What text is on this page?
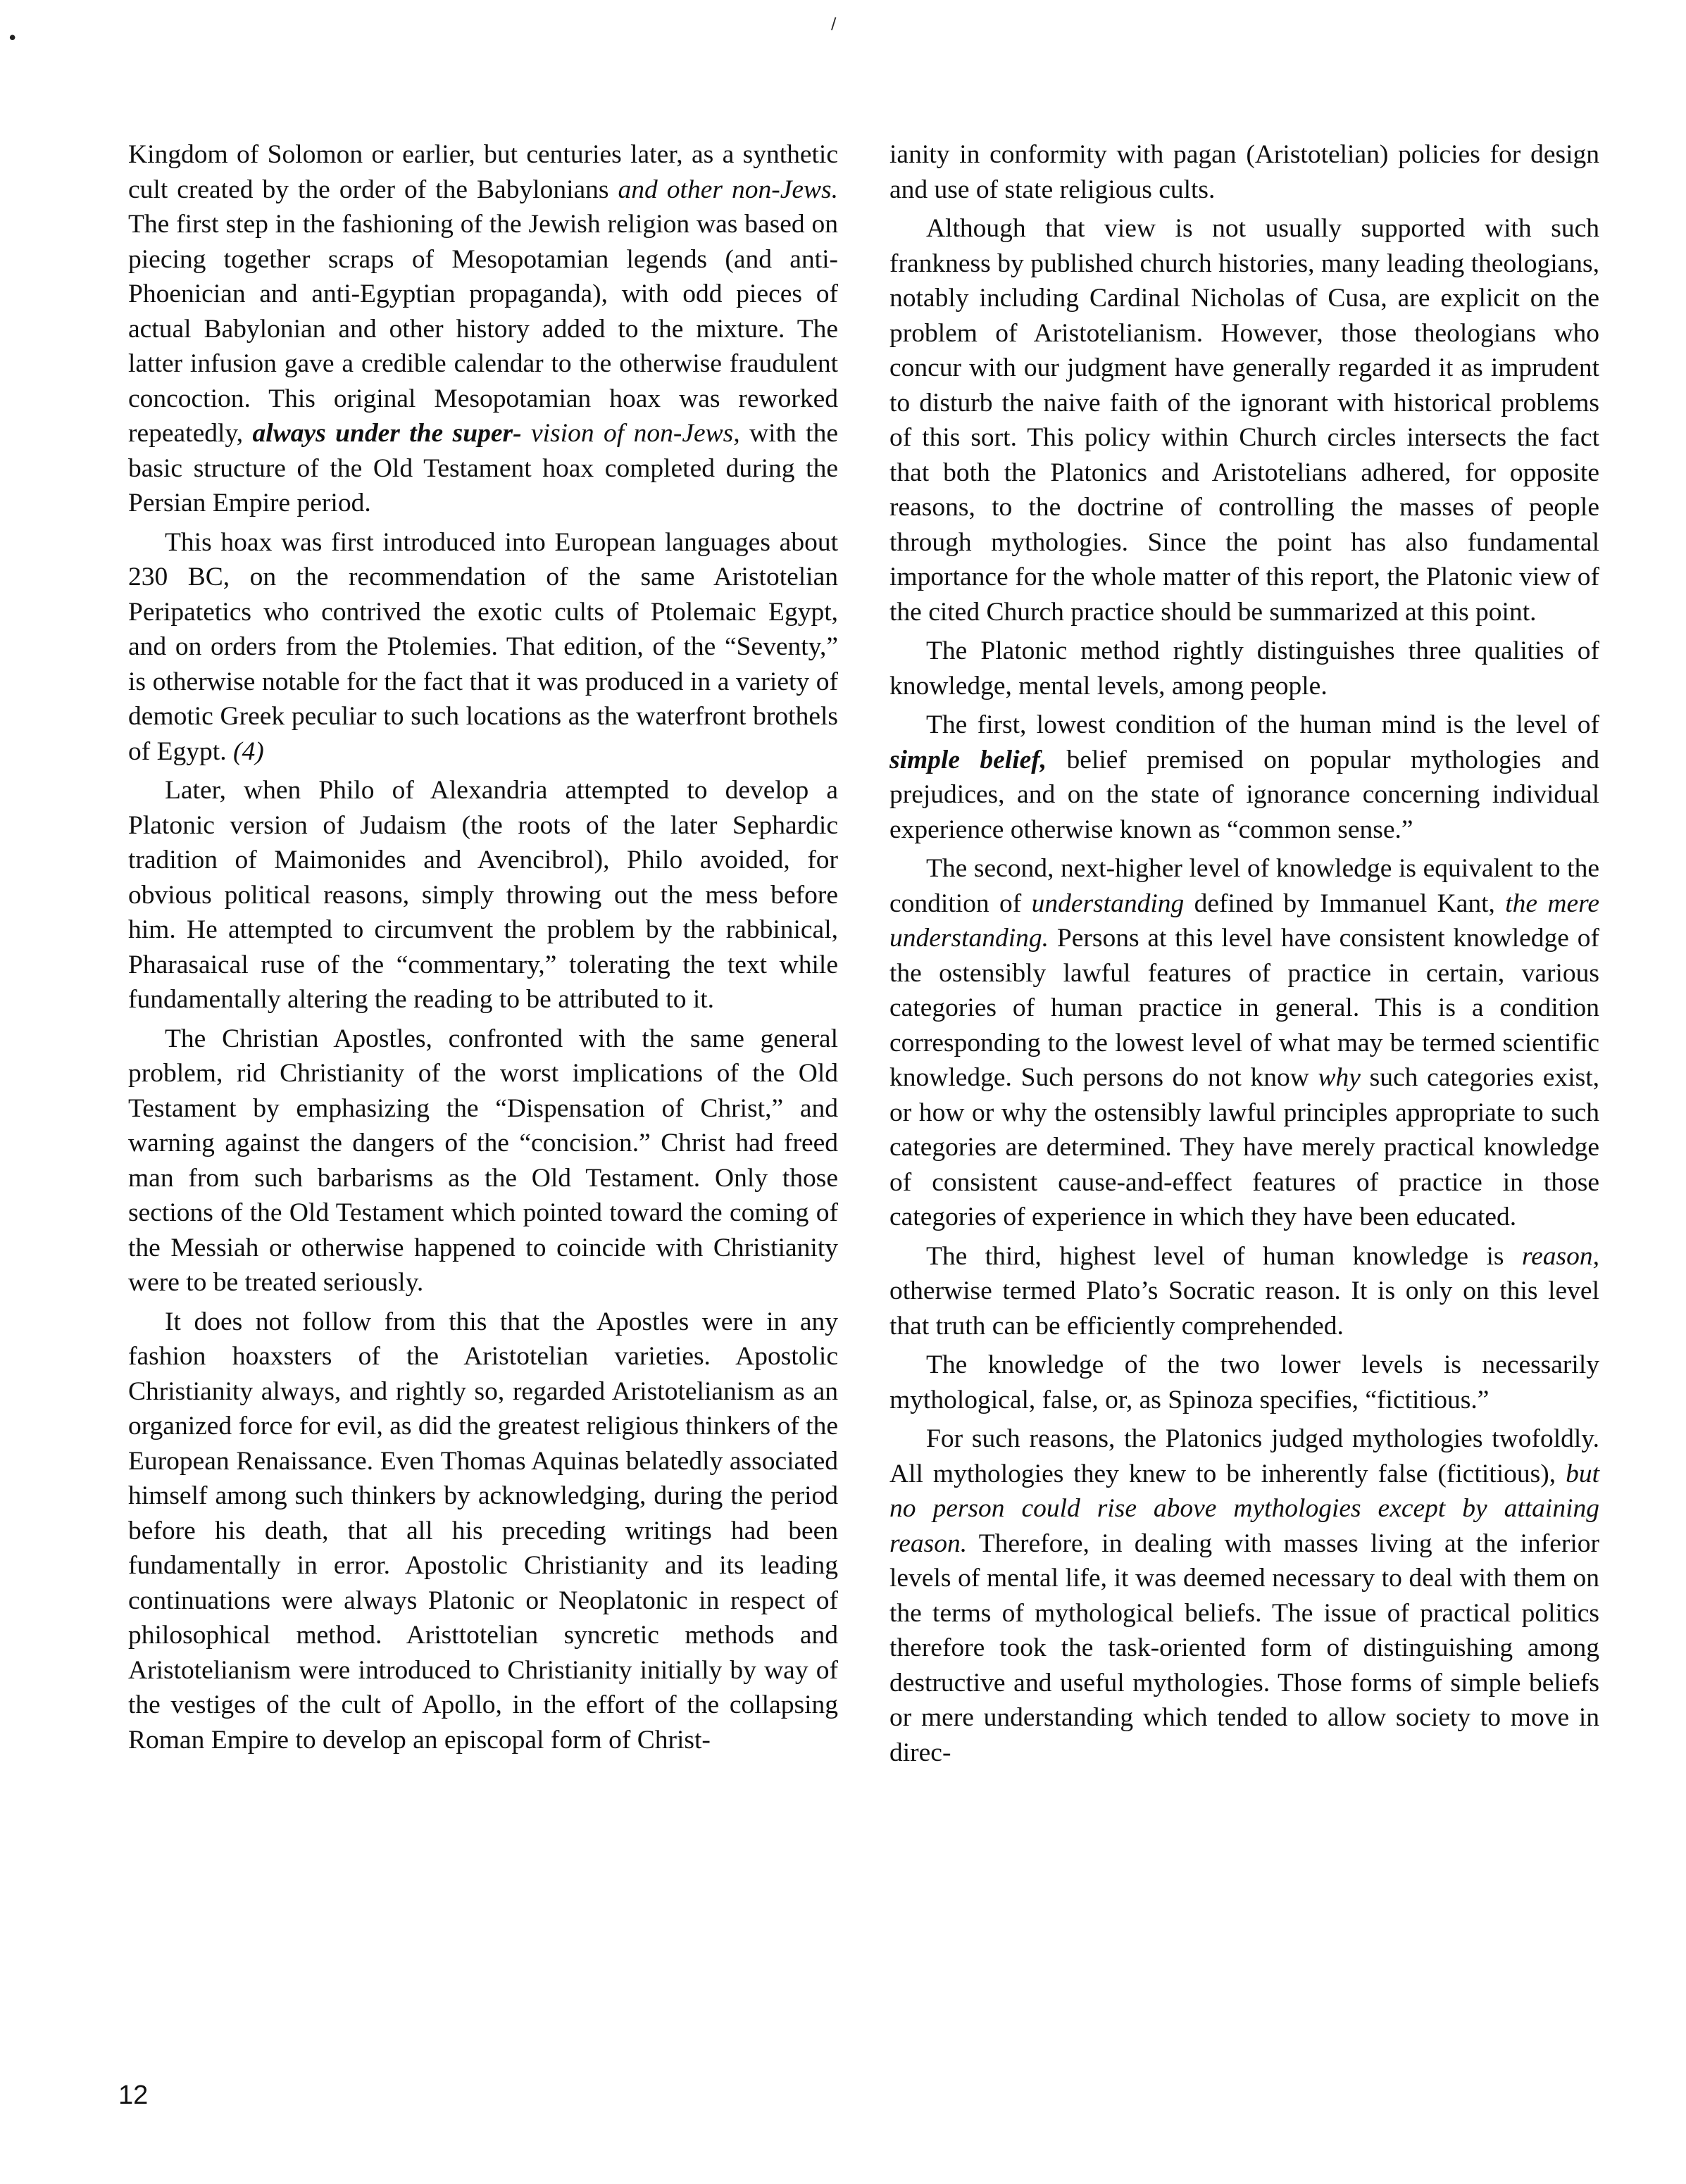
Kingdom of Solomon or earlier, but centuries later, as a synthetic cult created by the order of the Babylonians and other non-Jews. The first step in the fashioning of the Jewish religion was based on piecing together scraps of Mesopotamian legends (and anti-Phoenician and anti-Egyptian propaganda), with odd pieces of actual Babylonian and other history added to the mixture. The latter infusion gave a credible calendar to the otherwise fraudulent concoction. This original Mesopotamian hoax was reworked repeatedly, always under the super- vision of non-Jews, with the basic structure of the Old Testament hoax completed during the Persian Empire period.

This hoax was first introduced into European languages about 230 BC, on the recommendation of the same Aristotelian Peripatetics who contrived the exotic cults of Ptolemaic Egypt, and on orders from the Ptolemies. That edition, of the “Seventy,” is otherwise notable for the fact that it was produced in a variety of demotic Greek peculiar to such locations as the waterfront brothels of Egypt. (4)

Later, when Philo of Alexandria attempted to develop a Platonic version of Judaism (the roots of the later Sephardic tradition of Maimonides and Avencibrol), Philo avoided, for obvious political reasons, simply throwing out the mess before him. He attempted to circumvent the problem by the rabbinical, Pharasaical ruse of the “commentary,” tolerating the text while fundamentally altering the reading to be attributed to it.

The Christian Apostles, confronted with the same general problem, rid Christianity of the worst implications of the Old Testament by emphasizing the “Dispensation of Christ,” and warning against the dangers of the “concision.” Christ had freed man from such barbarisms as the Old Testament. Only those sections of the Old Testament which pointed toward the coming of the Messiah or otherwise happened to coincide with Christianity were to be treated seriously.

It does not follow from this that the Apostles were in any fashion hoaxsters of the Aristotelian varieties. Apostolic Christianity always, and rightly so, regarded Aristotelianism as an organized force for evil, as did the greatest religious thinkers of the European Renaissance. Even Thomas Aquinas belatedly associated himself among such thinkers by acknowledging, during the period before his death, that all his preceding writings had been fundamentally in error. Apostolic Christianity and its leading continuations were always Platonic or Neoplatonic in respect of philosophical method. Aristtotelian syncretic methods and Aristotelianism were introduced to Christianity initially by way of the vestiges of the cult of Apollo, in the effort of the collapsing Roman Empire to develop an episcopal form of Christ-

ianity in conformity with pagan (Aristotelian) policies for design and use of state religious cults.

Although that view is not usually supported with such frankness by published church histories, many leading theologians, notably including Cardinal Nicholas of Cusa, are explicit on the problem of Aristotelianism. However, those theologians who concur with our judgment have generally regarded it as imprudent to disturb the naive faith of the ignorant with historical problems of this sort. This policy within Church circles intersects the fact that both the Platonics and Aristotelians adhered, for opposite reasons, to the doctrine of controlling the masses of people through mythologies. Since the point has also fundamental importance for the whole matter of this report, the Platonic view of the cited Church practice should be summarized at this point.

The Platonic method rightly distinguishes three qualities of knowledge, mental levels, among people.

The first, lowest condition of the human mind is the level of simple belief, belief premised on popular mythologies and prejudices, and on the state of ignorance concerning individual experience otherwise known as “common sense.”

The second, next-higher level of knowledge is equivalent to the condition of understanding defined by Immanuel Kant, the mere understanding. Persons at this level have consistent knowledge of the ostensibly lawful features of practice in certain, various categories of human practice in general. This is a condition corresponding to the lowest level of what may be termed scientific knowledge. Such persons do not know why such categories exist, or how or why the ostensibly lawful principles appropriate to such categories are determined. They have merely practical knowledge of consistent cause-and-effect features of practice in those categories of experience in which they have been educated.

The third, highest level of human knowledge is reason, otherwise termed Plato’s Socratic reason. It is only on this level that truth can be efficiently comprehended.

The knowledge of the two lower levels is necessarily mythological, false, or, as Spinoza specifies, “fictitious.”

For such reasons, the Platonics judged mythologies twofoldly. All mythologies they knew to be inherently false (fictitious), but no person could rise above mythologies except by attaining reason. Therefore, in dealing with masses living at the inferior levels of mental life, it was deemed necessary to deal with them on the terms of mythological beliefs. The issue of practical politics therefore took the task-oriented form of distinguishing among destructive and useful mythologies. Those forms of simple beliefs or mere understanding which tended to allow society to move in direc-

12
•
/
